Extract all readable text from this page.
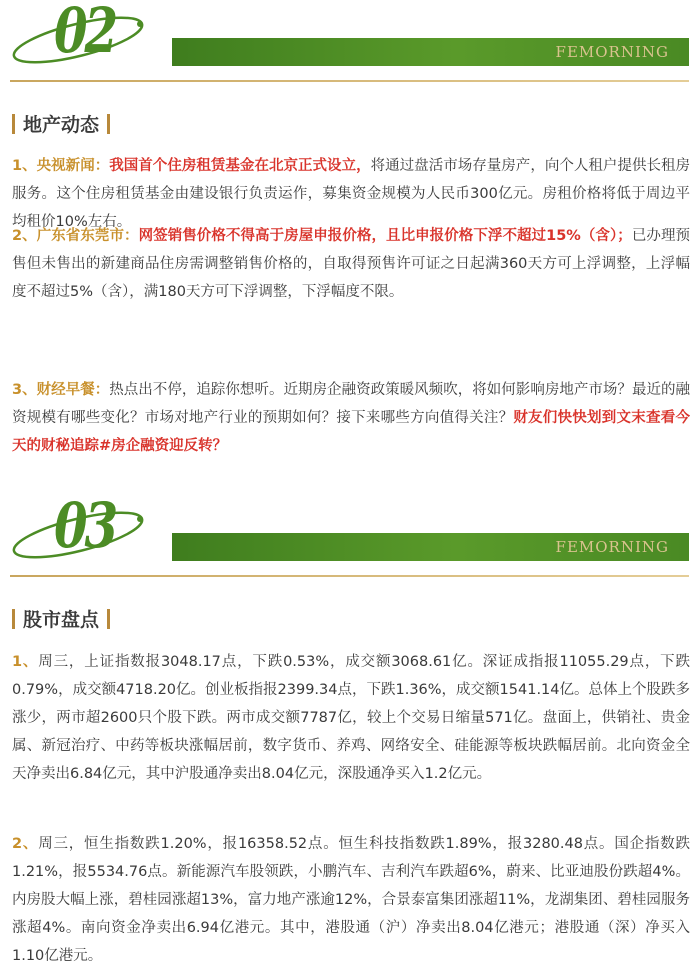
02	FEMORNING
地产动态

1、央视新闻：我国首个住房租赁基金在北京正式设立，将通过盘活市场存量房产，向个人租户提供长租房服务。这个住房租赁基金由建设银行负责运作，募集资金规模为人民币300亿元。房租价格将低于周边平均租价10%左右。

2、广东省东莞市：网签销售价格不得高于房屋申报价格，且比申报价格下浮不超过15%（含）；已办理预售但未售出的新建商品住房需调整销售价格的，自取得预售许可证之日起满360天方可上浮调整，上浮幅度不超过5%（含），满180天方可下浮调整，下浮幅度不限。

3、财经早餐：热点出不停，追踪你想听。近期房企融资政策暖风频吹，将如何影响房地产市场？最近的融资规模有哪些变化？市场对地产行业的预期如何？接下来哪些方向值得关注？财友们快快划到文末查看今天的财秘追踪#房企融资迎反转？

03	FEMORNING
股市盘点

1、周三，上证指数报3048.17点，下跌0.53%，成交额3068.61亿。深证成指报11055.29点，下跌0.79%，成交额4718.20亿。创业板指报2399.34点，下跌1.36%，成交额1541.14亿。总体上个股跌多涨少，两市超2600只个股下跌。两市成交额7787亿，较上个交易日缩量571亿。盘面上，供销社、贵金属、新冠治疗、中药等板块涨幅居前，数字货币、养鸡、网络安全、硅能源等板块跌幅居前。北向资金全天净卖出6.84亿元，其中沪股通净卖出8.04亿元，深股通净买入1.2亿元。

2、周三，恒生指数跌1.20%，报16358.52点。恒生科技指数跌1.89%，报3280.48点。国企指数跌1.21%，报5534.76点。新能源汽车股领跌，小鹏汽车、吉利汽车跌超6%，蔚来、比亚迪股份跌超4%。内房股大幅上涨，碧桂园涨超13%，富力地产涨逾12%，合景泰富集团涨超11%，龙湖集团、碧桂园服务涨超4%。南向资金净卖出6.94亿港元。其中，港股通（沪）净卖出8.04亿港元；港股通（深）净买入1.10亿港元。
